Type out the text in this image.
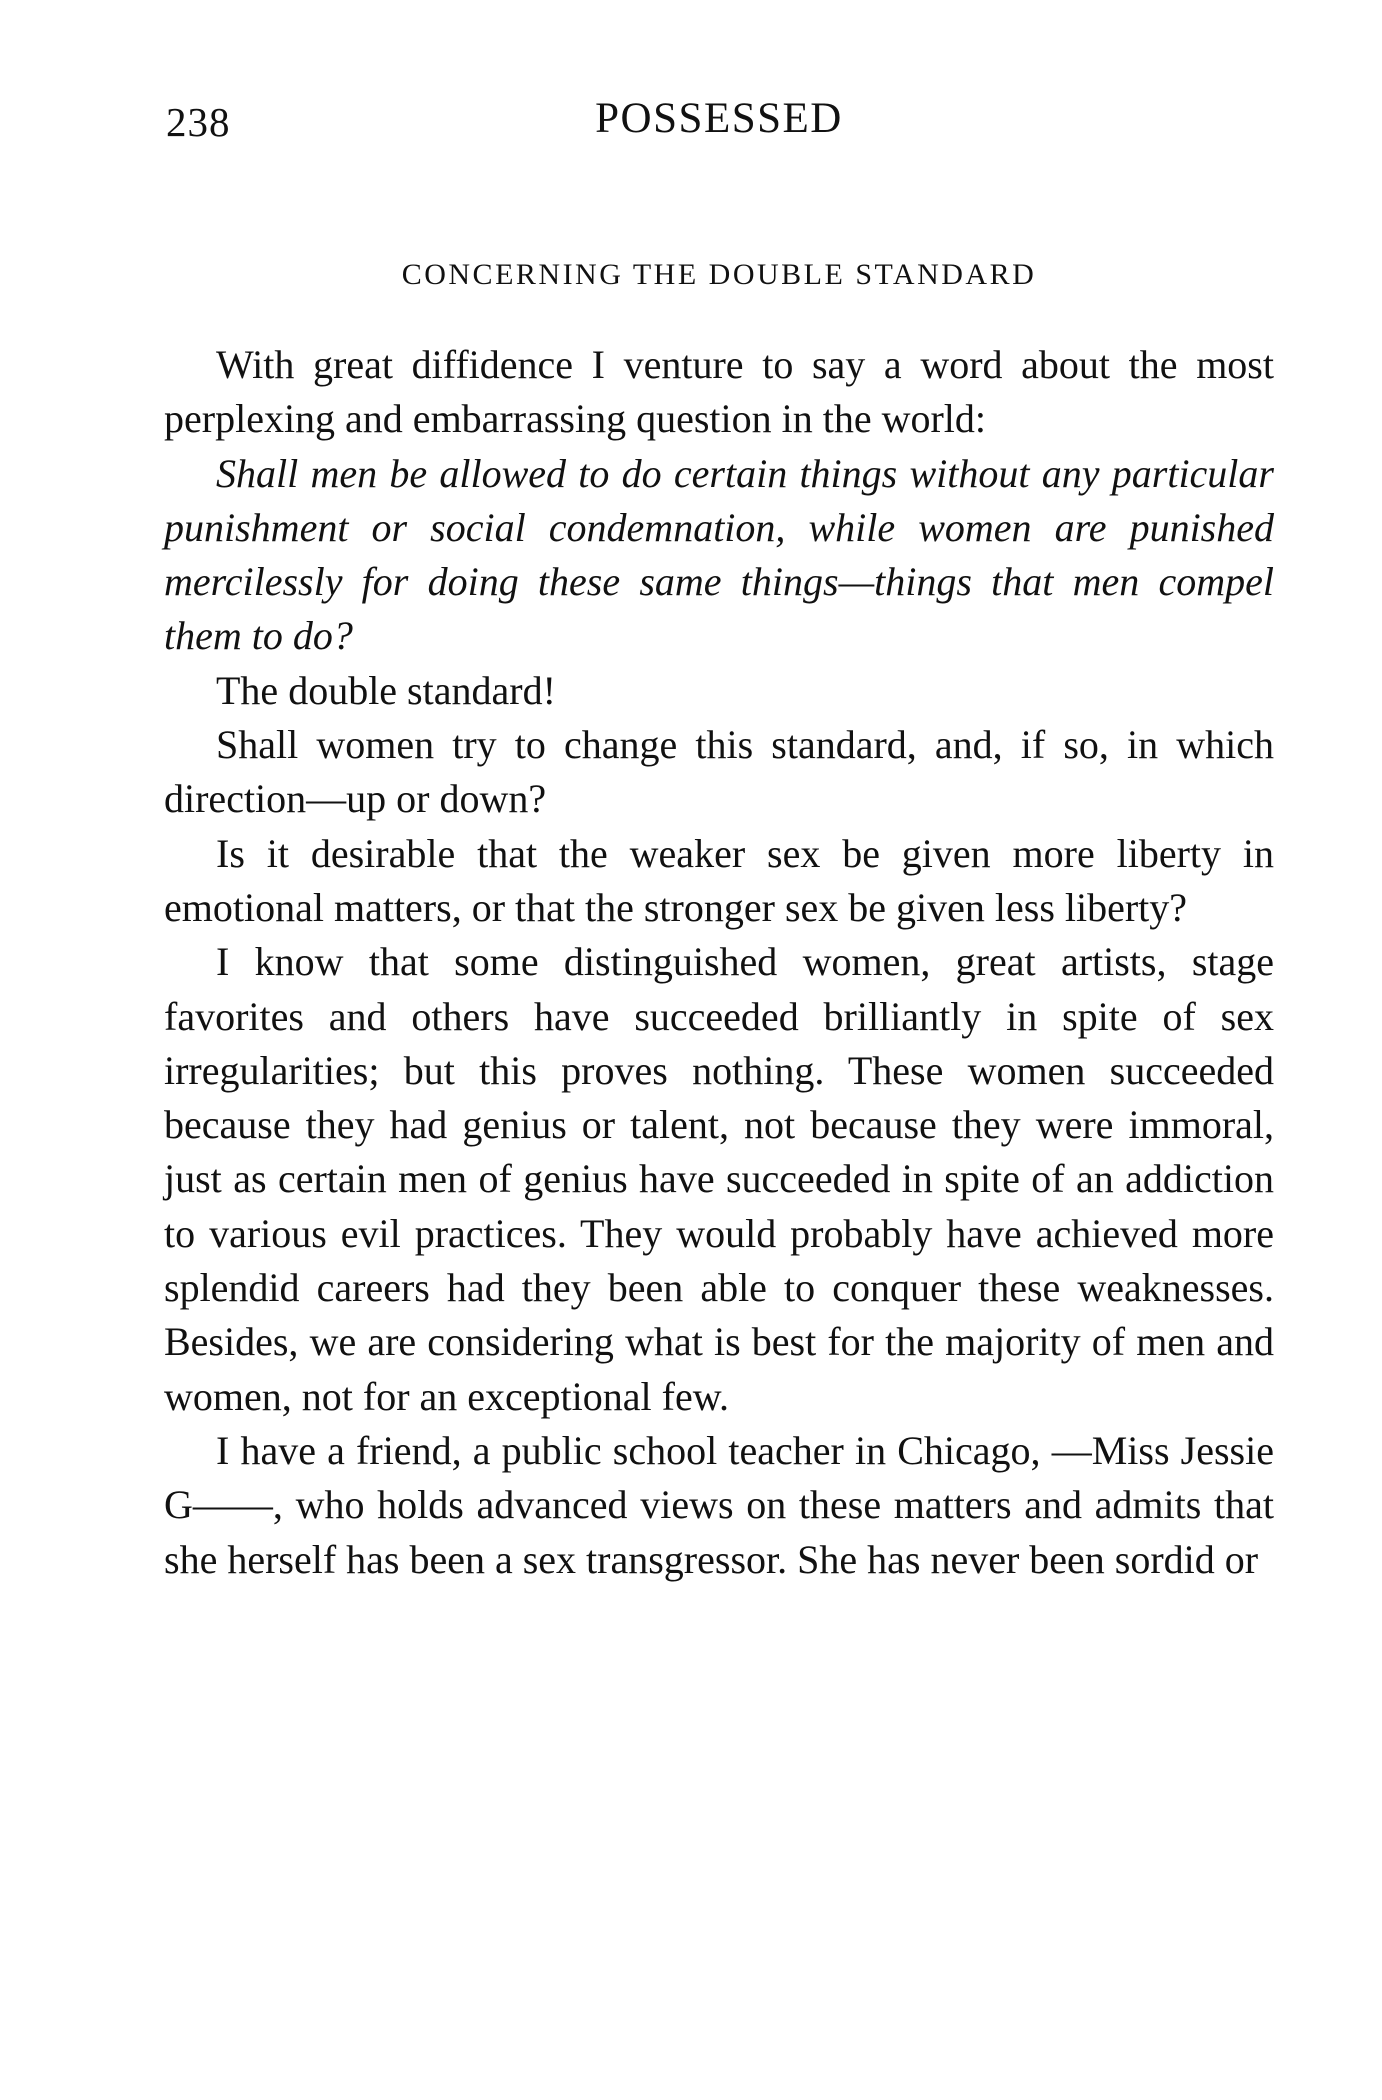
238	POSSESSED
CONCERNING THE DOUBLE STANDARD

With great diffidence I venture to say a word about the most perplexing and embarrassing question in the world:

Shall men be allowed to do certain things without any particular punishment or social condemnation, while women are punished mercilessly for doing these same things—things that men compel them to do?

The double standard!

Shall women try to change this standard, and, if so, in which direction—up or down?

Is it desirable that the weaker sex be given more liberty in emotional matters, or that the stronger sex be given less liberty?

I know that some distinguished women, great artists, stage favorites and others have succeeded brilliantly in spite of sex irregularities; but this proves nothing. These women succeeded because they had genius or talent, not because they were immoral, just as certain men of genius have succeeded in spite of an addiction to various evil practices. They would probably have achieved more splendid careers had they been able to conquer these weaknesses. Besides, we are considering what is best for the majority of men and women, not for an exceptional few.

I have a friend, a public school teacher in Chicago, —Miss Jessie G——, who holds advanced views on these matters and admits that she herself has been a sex transgressor. She has never been sordid or
